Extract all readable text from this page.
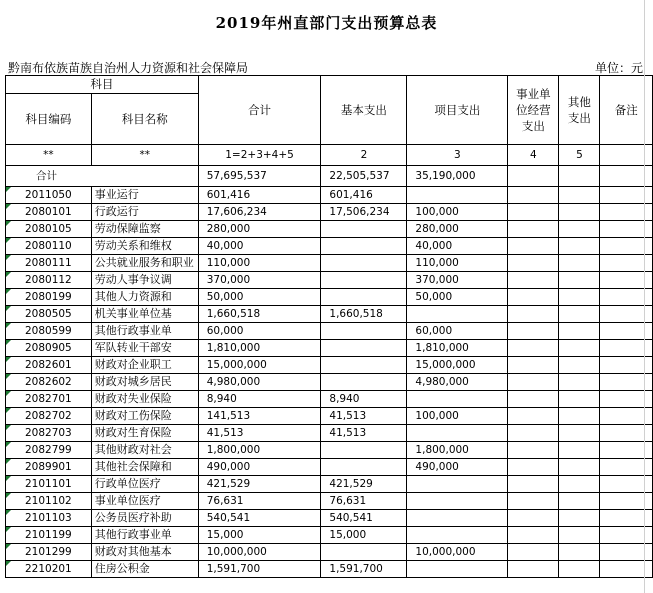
2019年州直部门支出预算总表
黔南布依族苗族自治州人力资源和社会保障局	单位：元
科目		合计	基本支出	项目支出	事业单位经营支出	其他支出	备注
科目编码	科目名称						
**	**	1=2+3+4+5	2	3	4	5	
合计		57,695,537	22,505,537	35,190,000			
2011050	事业运行	601,416	601,416				
2080101	行政运行	17,606,234	17,506,234	100,000			
2080105	劳动保障监察	280,000		280,000			
2080110	劳动关系和维权	40,000		40,000			
2080111	公共就业服务和职业	110,000		110,000			
2080112	劳动人事争议调	370,000		370,000			
2080199	其他人力资源和	50,000		50,000			
2080505	机关事业单位基	1,660,518	1,660,518				
2080599	其他行政事业单	60,000		60,000			
2080905	军队转业干部安	1,810,000		1,810,000			
2082601	财政对企业职工	15,000,000		15,000,000			
2082602	财政对城乡居民	4,980,000		4,980,000			
2082701	财政对失业保险	8,940	8,940				
2082702	财政对工伤保险	141,513	41,513	100,000			
2082703	财政对生育保险	41,513	41,513				
2082799	其他财政对社会	1,800,000		1,800,000			
2089901	其他社会保障和	490,000		490,000			
2101101	行政单位医疗	421,529	421,529				
2101102	事业单位医疗	76,631	76,631				
2101103	公务员医疗补助	540,541	540,541				
2101199	其他行政事业单	15,000	15,000				
2101299	财政对其他基本	10,000,000		10,000,000			
2210201	住房公积金	1,591,700	1,591,700				
